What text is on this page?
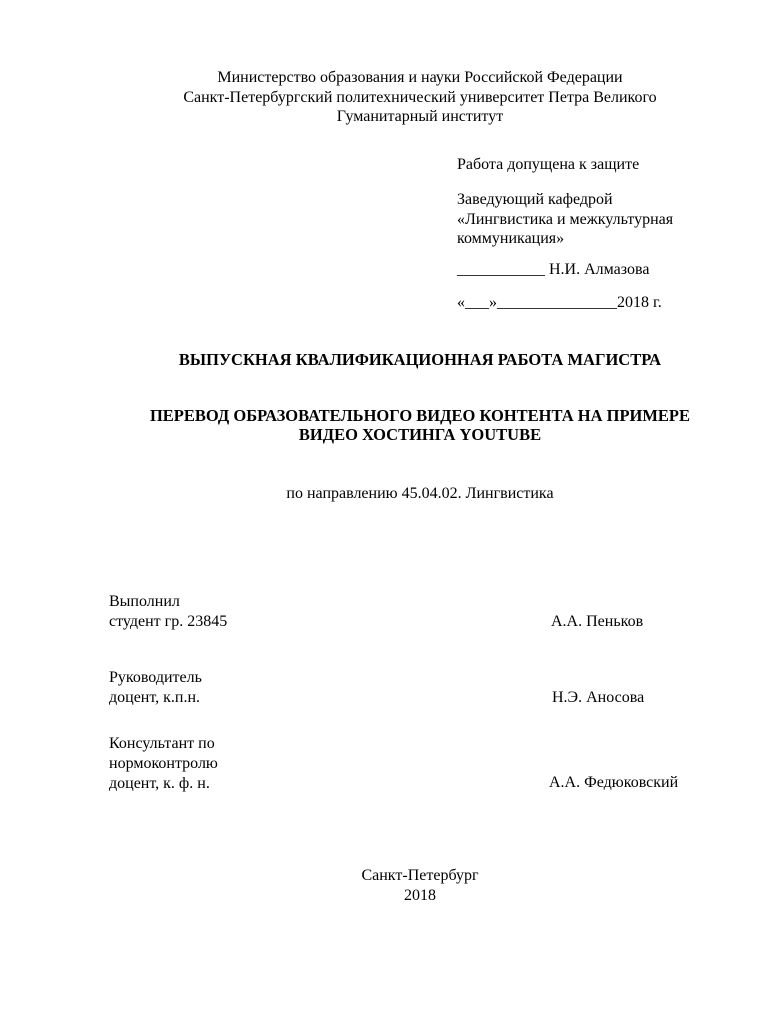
Министерство образования и науки Российской Федерации
Санкт-Петербургский политехнический университет Петра Великого
Гуманитарный институт
Работа допущена к защите
Заведующий кафедрой
«Лингвистика и межкультурная
коммуникация»
___________ Н.И. Алмазова
«___»_______________2018 г.
ВЫПУСКНАЯ КВАЛИФИКАЦИОННАЯ РАБОТА МАГИСТРА
ПЕРЕВОД ОБРАЗОВАТЕЛЬНОГО ВИДЕО КОНТЕНТА НА ПРИМЕРЕ
ВИДЕО ХОСТИНГА YOUTUBE
по направлению 45.04.02. Лингвистика
Выполнил
студент гр. 23845	А.А. Пеньков
Руководитель
доцент, к.п.н.	Н.Э. Аносова
Консультант по
нормоконтролю
доцент, к. ф. н.	А.А. Федюковский
Санкт-Петербург
2018
